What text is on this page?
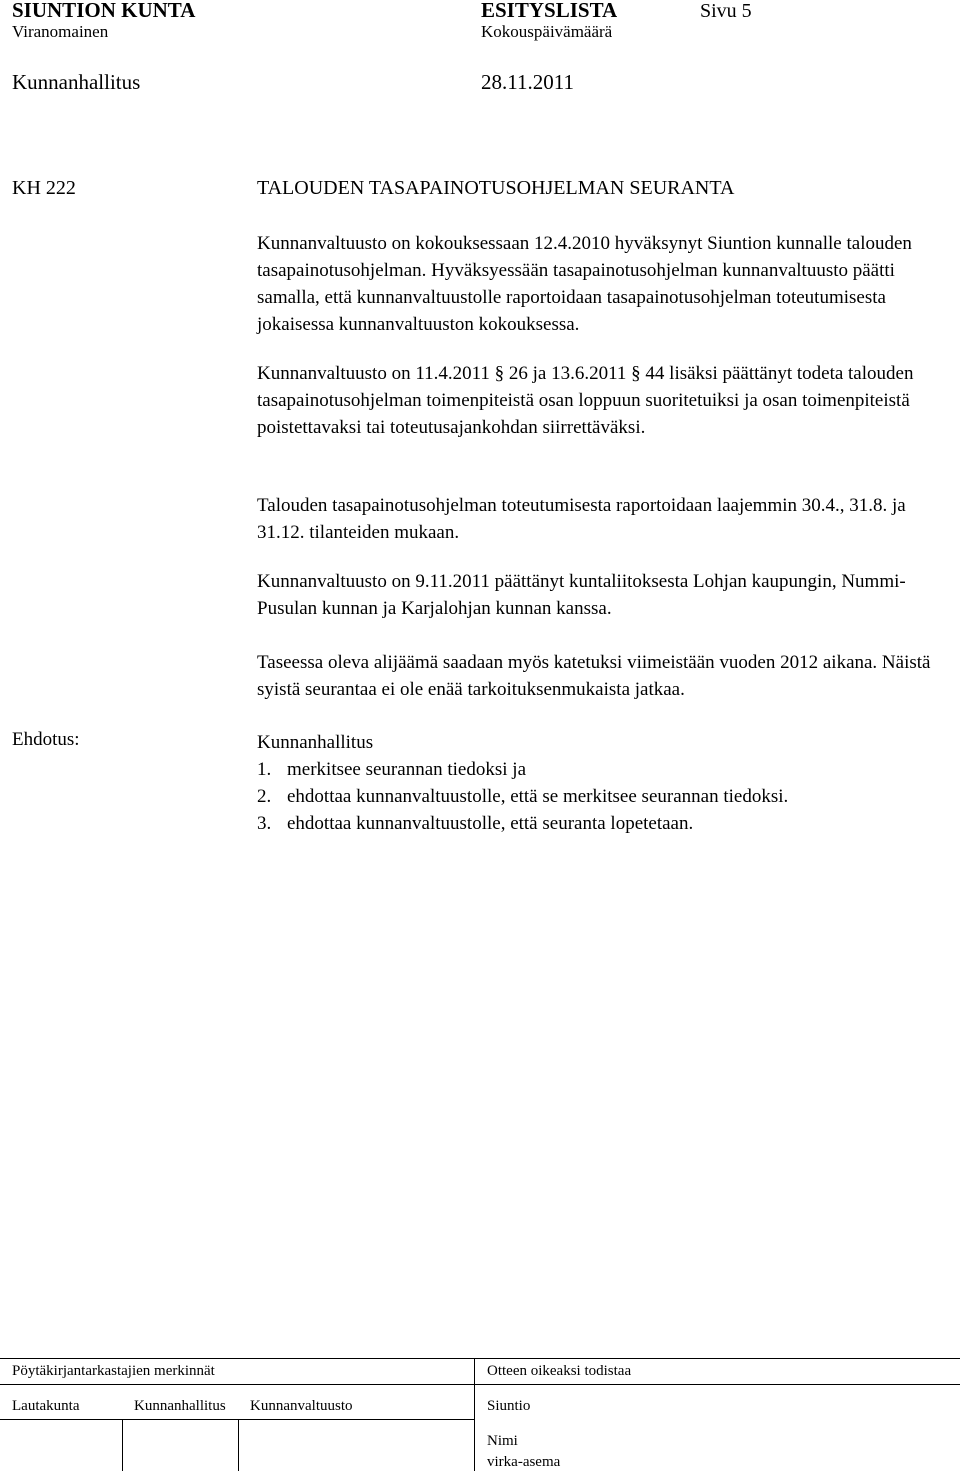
SIUNTION KUNTA	ESITYSLISTA	Sivu 5
Viranomainen	Kokouspäivämäärä
Kunnanhallitus	28.11.2011
KH 222	TALOUDEN TASAPAINOTUSOHJELMAN SEURANTA

Kunnanvaltuusto on kokouksessaan 12.4.2010 hyväksynyt Siuntion kunnalle talouden tasapainotusohjelman. Hyväksyessään tasapainotusohjelman kunnanvaltuusto päätti samalla, että kunnanvaltuustolle raportoidaan tasapainotusohjelman toteutumisesta jokaisessa kunnanvaltuuston kokouksessa.

Kunnanvaltuusto on 11.4.2011 § 26 ja 13.6.2011 § 44 lisäksi päättänyt todeta talouden tasapainotusohjelman toimenpiteistä osan loppuun suoritetuiksi ja osan toimenpiteistä poistettavaksi tai toteutusajankohdan siirrettäväksi.

Talouden tasapainotusohjelman toteutumisesta raportoidaan laajemmin 30.4., 31.8. ja 31.12. tilanteiden mukaan.

Kunnanvaltuusto on 9.11.2011 päättänyt kuntaliitoksesta Lohjan kaupungin, Nummi-Pusulan kunnan ja Karjalohjan kunnan kanssa.

Taseessa oleva alijäämä saadaan myös katetuksi viimeistään vuoden 2012 aikana. Näistä syistä seurantaa ei ole enää tarkoituksenmukaista jatkaa.

Ehdotus:	Kunnanhallitus

1. merkitsee seurannan tiedoksi ja
2. ehdottaa kunnanvaltuustolle, että se merkitsee seurannan tiedoksi.
3. ehdottaa kunnanvaltuustolle, että seuranta lopetetaan.
Pöytäkirjantarkastajien merkinnät	Otteen oikeaksi todistaa
Lautakunta	Kunnanhallitus Kunnanvaltuusto	Siuntio
Nimi
virka-asema
